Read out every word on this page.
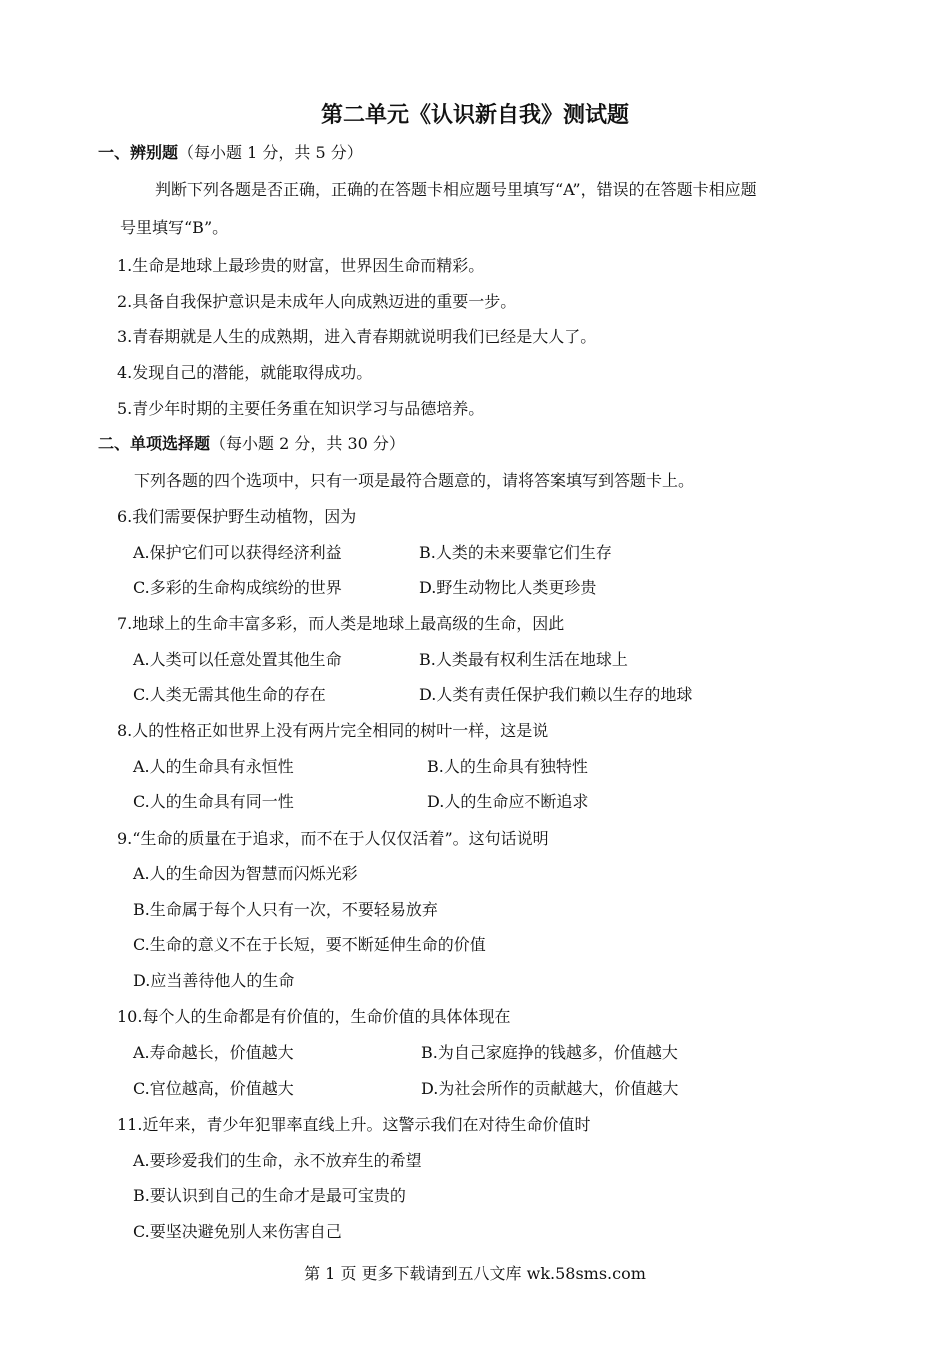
第二单元《认识新自我》测试题
一、辨别题（每小题 1 分，共 5 分）
判断下列各题是否正确，正确的在答题卡相应题号里填写“A”，错误的在答题卡相应题
号里填写“B”。
1.生命是地球上最珍贵的财富，世界因生命而精彩。
2.具备自我保护意识是未成年人向成熟迈进的重要一步。
3.青春期就是人生的成熟期，进入青春期就说明我们已经是大人了。
4.发现自己的潜能，就能取得成功。
5.青少年时期的主要任务重在知识学习与品德培养。
二、单项选择题（每小题 2 分，共 30 分）
下列各题的四个选项中，只有一项是最符合题意的，请将答案填写到答题卡上。
6.我们需要保护野生动植物，因为
A.保护它们可以获得经济利益	B.人类的未来要靠它们生存
C.多彩的生命构成缤纷的世界	D.野生动物比人类更珍贵
7.地球上的生命丰富多彩，而人类是地球上最高级的生命，因此
A.人类可以任意处置其他生命	B.人类最有权利生活在地球上
C.人类无需其他生命的存在	D.人类有责任保护我们赖以生存的地球
8.人的性格正如世界上没有两片完全相同的树叶一样，这是说
A.人的生命具有永恒性	B.人的生命具有独特性
C.人的生命具有同一性	D.人的生命应不断追求
9.“生命的质量在于追求，而不在于人仅仅活着”。这句话说明
A.人的生命因为智慧而闪烁光彩
B.生命属于每个人只有一次，不要轻易放弃
C.生命的意义不在于长短，要不断延伸生命的价值
D.应当善待他人的生命
10.每个人的生命都是有价值的，生命价值的具体体现在
A.寿命越长，价值越大	B.为自己家庭挣的钱越多，价值越大
C.官位越高，价值越大	D.为社会所作的贡献越大，价值越大
11.近年来，青少年犯罪率直线上升。这警示我们在对待生命价值时
A.要珍爱我们的生命，永不放弃生的希望
B.要认识到自己的生命才是最可宝贵的
C.要坚决避免别人来伤害自己
第 1 页 更多下载请到五八文库 wk.58sms.com
